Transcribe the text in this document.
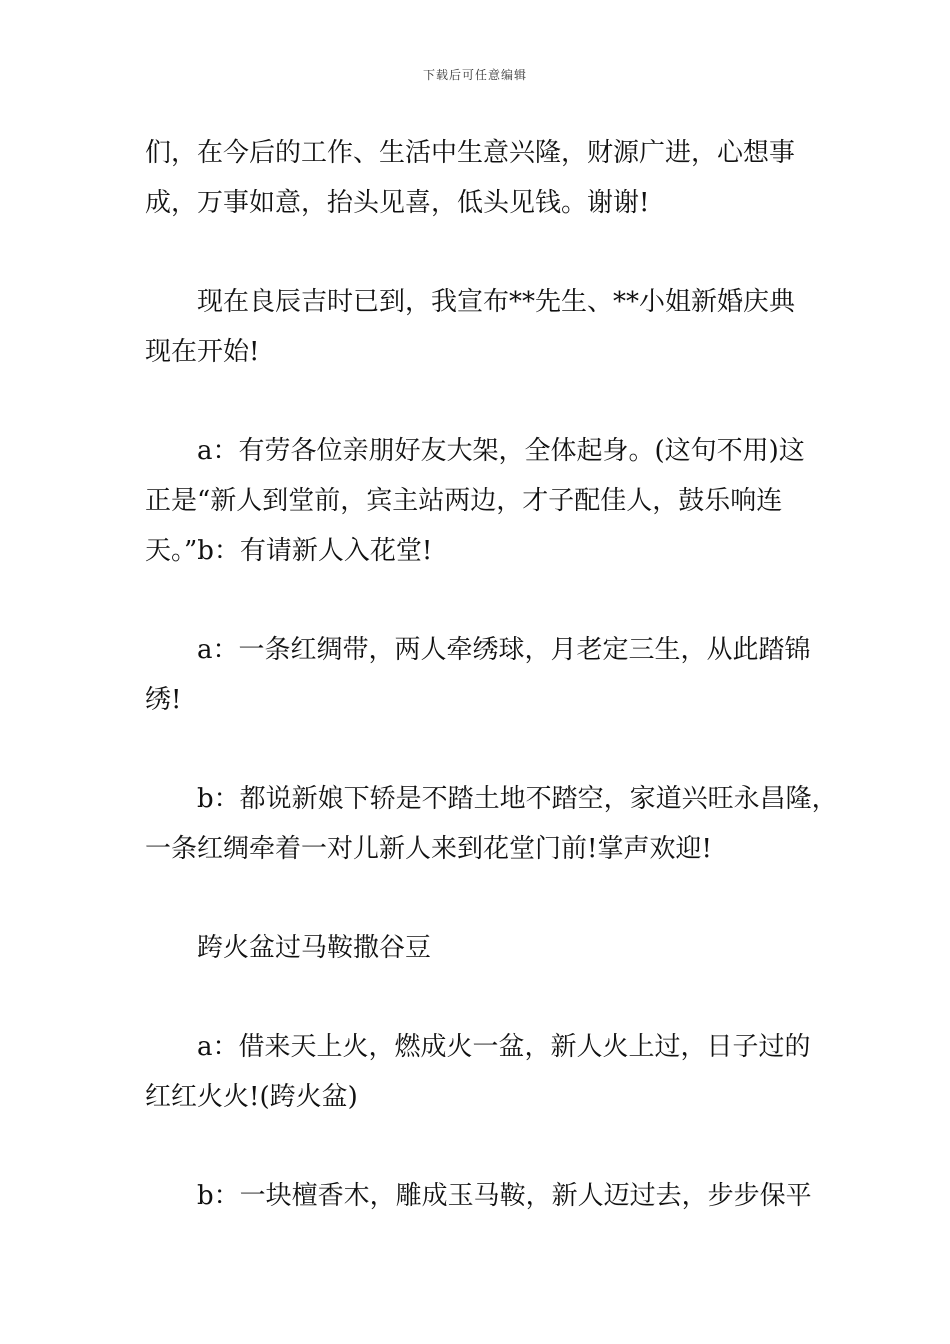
下载后可任意编辑

们，在今后的工作、生活中生意兴隆，财源广进，心想事
成，万事如意，抬头见喜，低头见钱。谢谢!

现在良辰吉时已到，我宣布**先生、**小姐新婚庆典
现在开始!

a：有劳各位亲朋好友大架，全体起身。(这句不用)这
正是“新人到堂前，宾主站两边，才子配佳人，鼓乐响连
天。”b：有请新人入花堂!

a：一条红绸带，两人牵绣球，月老定三生，从此踏锦
绣!

b：都说新娘下轿是不踏土地不踏空，家道兴旺永昌隆，
一条红绸牵着一对儿新人来到花堂门前!掌声欢迎!

跨火盆过马鞍撒谷豆

a：借来天上火，燃成火一盆，新人火上过，日子过的
红红火火!(跨火盆)

b：一块檀香木，雕成玉马鞍，新人迈过去，步步保平
